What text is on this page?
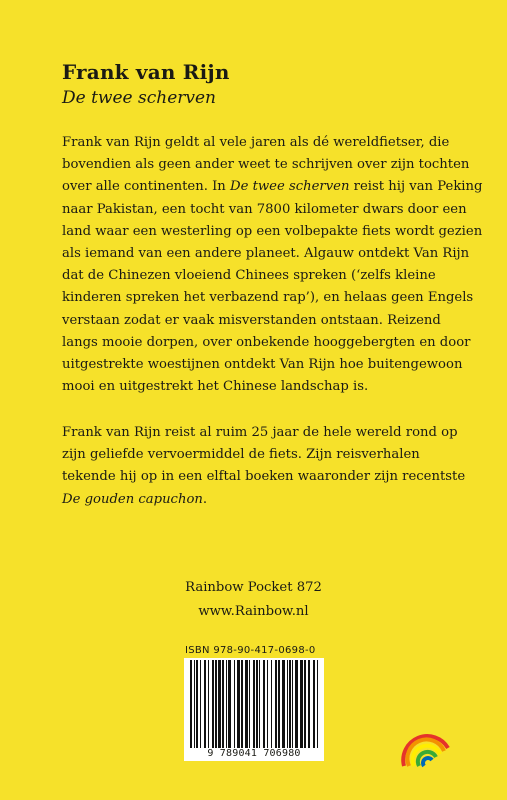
Frank van Rijn
De twee scherven
Frank van Rijn geldt al vele jaren als dé wereldfietser, die
bovendien als geen ander weet te schrijven over zijn tochten
over alle continenten. In De twee scherven reist hij van Peking
naar Pakistan, een tocht van 7800 kilometer dwars door een
land waar een westerling op een volbepakte fiets wordt gezien
als iemand van een andere planeet. Algauw ontdekt Van Rijn
dat de Chinezen vloeiend Chinees spreken (‘zelfs kleine
kinderen spreken het verbazend rap’), en helaas geen Engels
verstaan zodat er vaak misverstanden ontstaan. Reizend
langs mooie dorpen, over onbekende hooggebergten en door
uitgestrekte woestijnen ontdekt Van Rijn hoe buitengewoon
mooi en uitgestrekt het Chinese landschap is.
Frank van Rijn reist al ruim 25 jaar de hele wereld rond op
zijn geliefde vervoermiddel de fiets. Zijn reisverhalen
tekende hij op in een elftal boeken waaronder zijn recentste
De gouden capuchon.
Rainbow Pocket 872
www.Rainbow.nl
ISBN 978-90-417-0698-0
9 789041 706980
